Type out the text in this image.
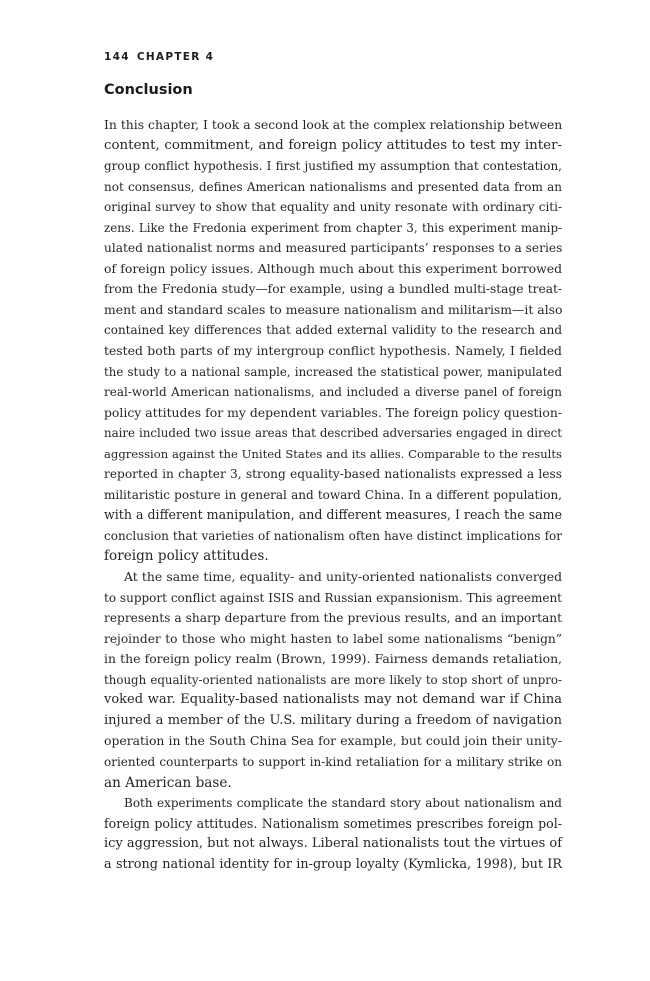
144 CHAPTER 4
Conclusion
In this chapter, I took a second look at the complex relationship between
content, commitment, and foreign policy attitudes to test my inter-
group conflict hypothesis. I first justified my assumption that contestation,
not consensus, defines American nationalisms and presented data from an
original survey to show that equality and unity resonate with ordinary citi-
zens. Like the Fredonia experiment from chapter 3, this experiment manip-
ulated nationalist norms and measured participants’ responses to a series
of foreign policy issues. Although much about this experiment borrowed
from the Fredonia study—for example, using a bundled multi-stage treat-
ment and standard scales to measure nationalism and militarism—it also
contained key differences that added external validity to the research and
tested both parts of my intergroup conflict hypothesis. Namely, I fielded
the study to a national sample, increased the statistical power, manipulated
real-world American nationalisms, and included a diverse panel of foreign
policy attitudes for my dependent variables. The foreign policy question-
naire included two issue areas that described adversaries engaged in direct
aggression against the United States and its allies. Comparable to the results
reported in chapter 3, strong equality-based nationalists expressed a less
militaristic posture in general and toward China. In a different population,
with a different manipulation, and different measures, I reach the same
conclusion that varieties of nationalism often have distinct implications for
foreign policy attitudes.
At the same time, equality- and unity-oriented nationalists converged
to support conflict against ISIS and Russian expansionism. This agreement
represents a sharp departure from the previous results, and an important
rejoinder to those who might hasten to label some nationalisms “benign”
in the foreign policy realm (Brown, 1999). Fairness demands retaliation,
though equality-oriented nationalists are more likely to stop short of unpro-
voked war. Equality-based nationalists may not demand war if China
injured a member of the U.S. military during a freedom of navigation
operation in the South China Sea for example, but could join their unity-
oriented counterparts to support in-kind retaliation for a military strike on
an American base.
Both experiments complicate the standard story about nationalism and
foreign policy attitudes. Nationalism sometimes prescribes foreign pol-
icy aggression, but not always. Liberal nationalists tout the virtues of
a strong national identity for in-group loyalty (Kymlicka, 1998), but IR
